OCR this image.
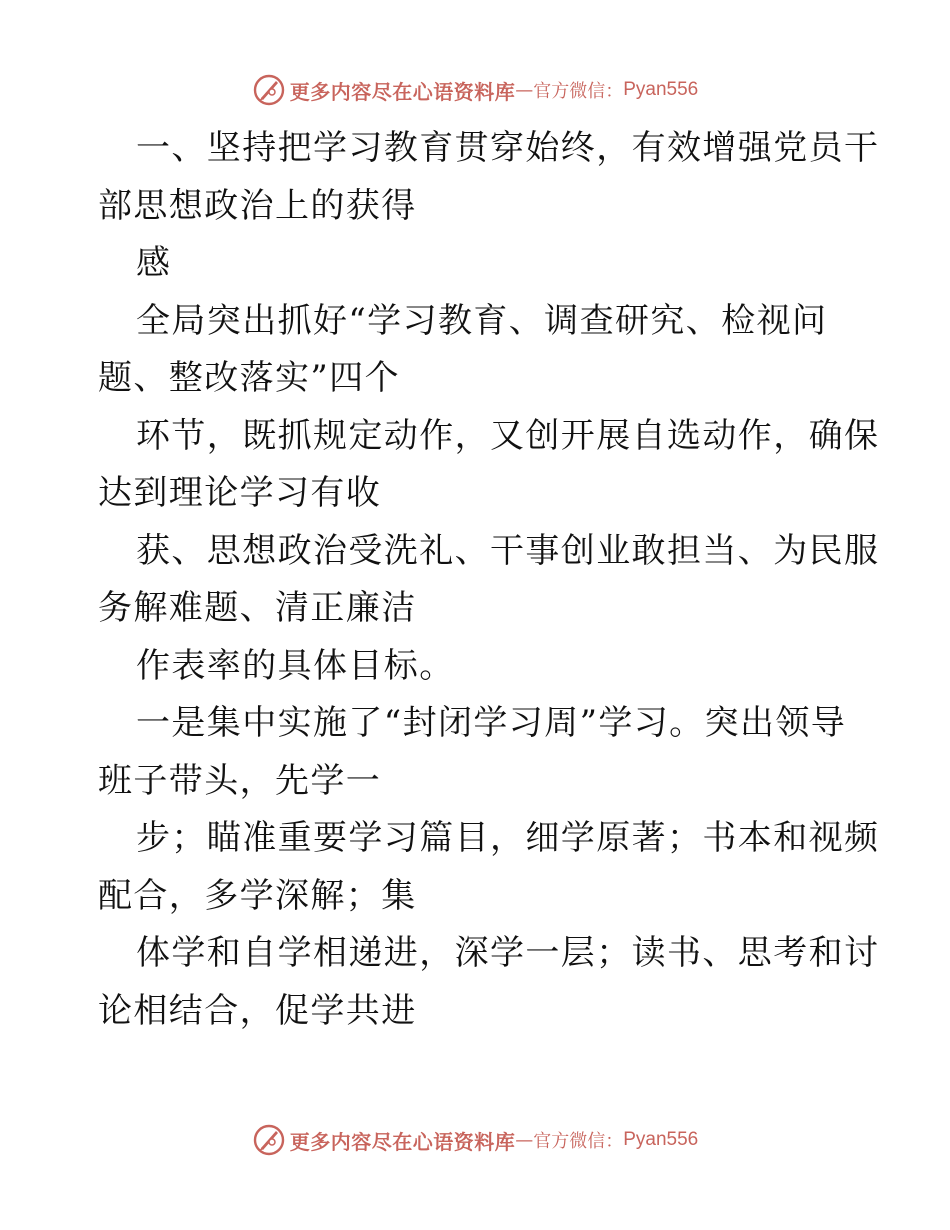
更多内容尽在心语资料库 — 官方微信： Pyan556
一、坚持把学习教育贯穿始终，有效增强党员干
部思想政治上的获得
感
全局突出抓好“学习教育、调查研究、检视问
题、整改落实”四个
环节，既抓规定动作，又创开展自选动作，确保
达到理论学习有收
获、思想政治受洗礼、干事创业敢担当、为民服
务解难题、清正廉洁
作表率的具体目标。
一是集中实施了“封闭学习周”学习。突出领导
班子带头，先学一
步；瞄准重要学习篇目，细学原著；书本和视频
配合，多学深解；集
体学和自学相递进，深学一层；读书、思考和讨
论相结合，促学共进
更多内容尽在心语资料库 — 官方微信： Pyan556
